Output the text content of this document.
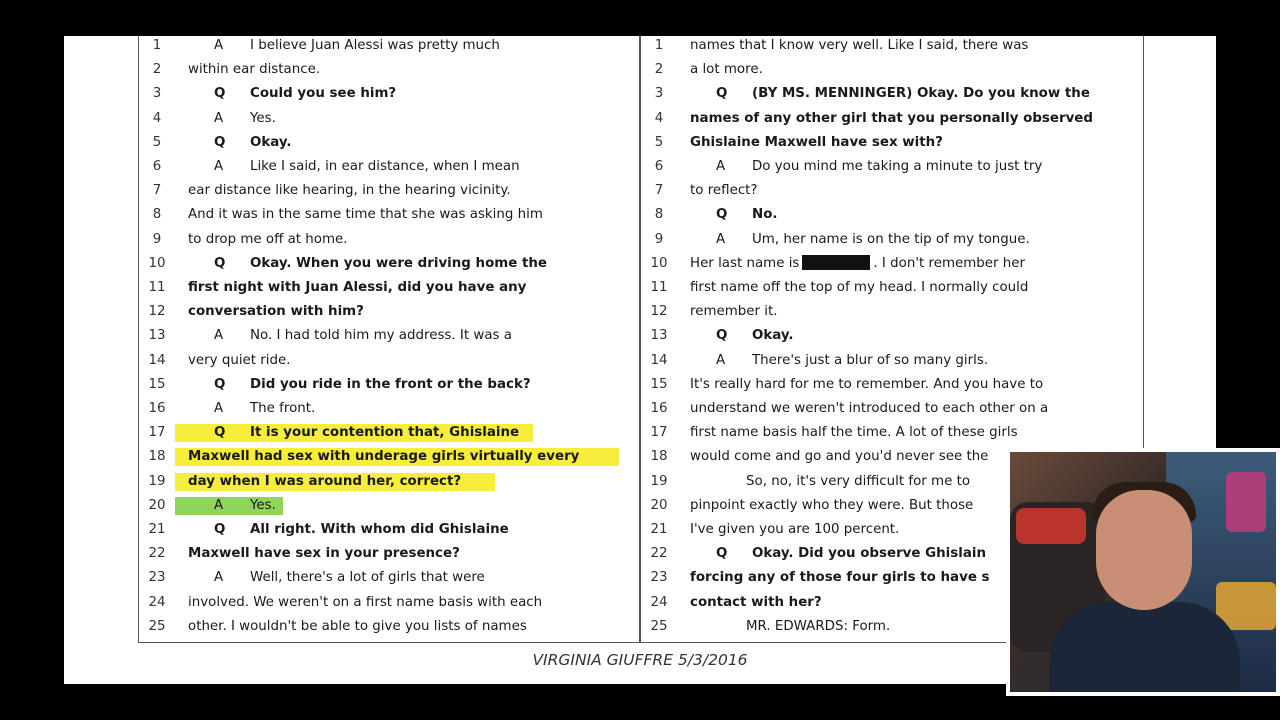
1	A I believe Juan Alessi was pretty much
2	within ear distance.
3	Q Could you see him?
4	A Yes.
5	Q Okay.
6	A Like I said, in ear distance, when I mean
7	ear distance like hearing, in the hearing vicinity.
8	And it was in the same time that she was asking him
9	to drop me off at home.
10	Q Okay. When you were driving home the
11	first night with Juan Alessi, did you have any
12	conversation with him?
13	A No. I had told him my address. It was a
14	very quiet ride.
15	Q Did you ride in the front or the back?
16	A The front.
17	Q It is your contention that, Ghislaine
18	Maxwell had sex with underage girls virtually every
19	day when I was around her, correct?
20	A Yes.
21	Q All right. With whom did Ghislaine
22	Maxwell have sex in your presence?
23	A Well, there's a lot of girls that were
24	involved. We weren't on a first name basis with each
25	other. I wouldn't be able to give you lists of names
1	names that I know very well. Like I said, there was
2	a lot more.
3	Q (BY MS. MENNINGER) Okay. Do you know the
4	names of any other girl that you personally observed
5	Ghislaine Maxwell have sex with?
6	A Do you mind me taking a minute to just try
7	to reflect?
8	Q No.
9	A Um, her name is on the tip of my tongue.
10	Her last name is	. I don't remember her
11	first name off the top of my head. I normally could
12	remember it.
13	Q Okay.
14	A There's just a blur of so many girls.
15	It's really hard for me to remember. And you have to
16	understand we weren't introduced to each other on a
17	first name basis half the time. A lot of these girls
18	would come and go and you'd never see the
19	So, no, it's very difficult for me to
20	pinpoint exactly who they were. But those
21	I've given you are 100 percent.
22	Q Okay. Did you observe Ghislain
23	forcing any of those four girls to have s
24	contact with her?
25	MR. EDWARDS: Form.
VIRGINIA GIUFFRE 5/3/2016
